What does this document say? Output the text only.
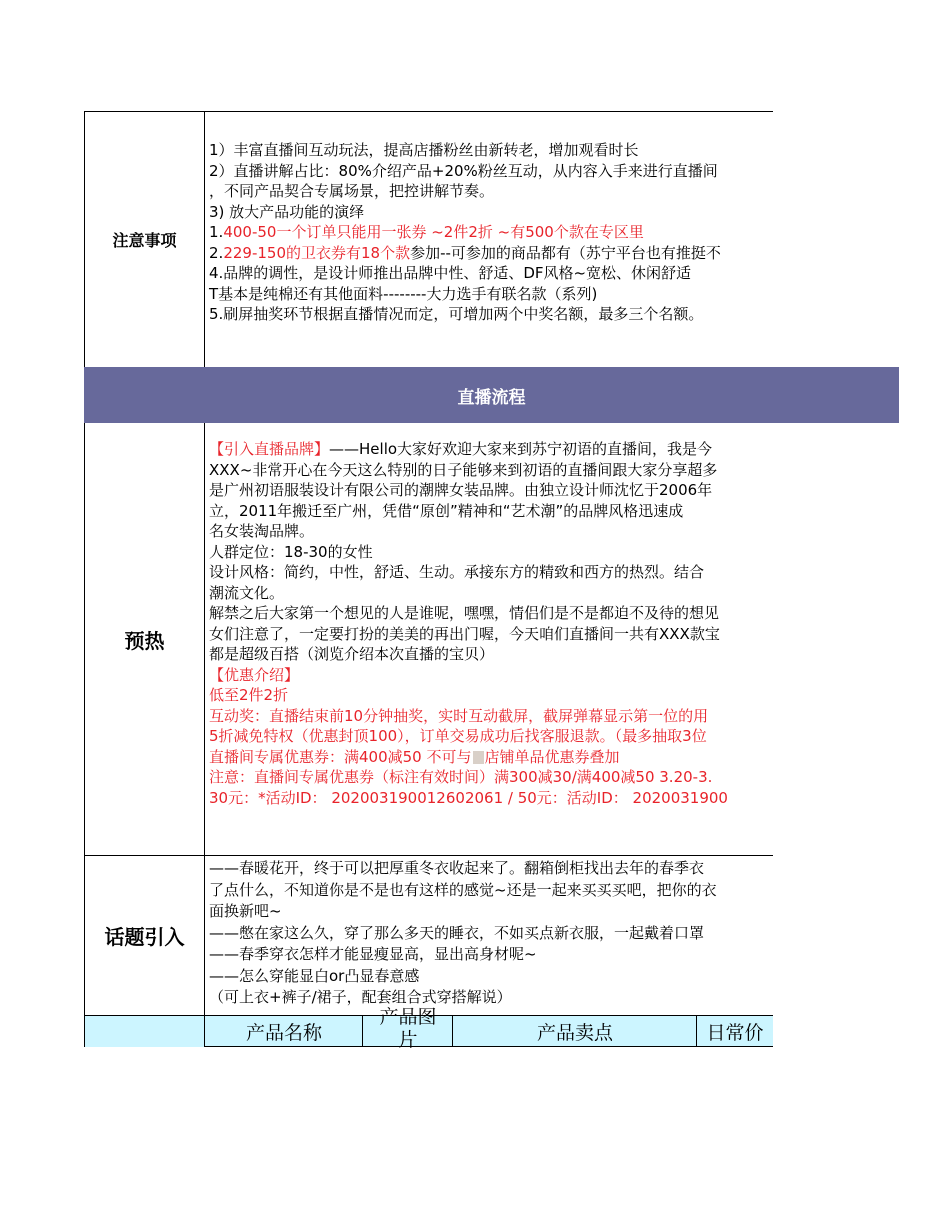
注意事项
1）丰富直播间互动玩法，提高店播粉丝由新转老，增加观看时长
2）直播讲解占比：80%介绍产品+20%粉丝互动，从内容入手来进行直播间
，不同产品契合专属场景，把控讲解节奏。
3) 放大产品功能的演绎
1.400-50一个订单只能用一张券 ~2件2折 ~有500个款在专区里
2.229-150的卫衣券有18个款参加--可参加的商品都有（苏宁平台也有推挺不
4.品牌的调性，是设计师推出品牌中性、舒适、DF风格~宽松、休闲舒适
T基本是纯棉还有其他面料--------大力选手有联名款（系列)
5.刷屏抽奖环节根据直播情况而定，可增加两个中奖名额，最多三个名额。
直播流程
预热
【引入直播品牌】——Hello大家好欢迎大家来到苏宁初语的直播间，我是今
XXX~非常开心在今天这么特别的日子能够来到初语的直播间跟大家分享超多
是广州初语服装设计有限公司的潮牌女装品牌。由独立设计师沈忆于2006年
立，2011年搬迁至广州，凭借“原创”精神和“艺术潮”的品牌风格迅速成
名女装淘品牌。
人群定位：18-30的女性
设计风格：简约，中性，舒适、生动。承接东方的精致和西方的热烈。结合
潮流文化。
解禁之后大家第一个想见的人是谁呢，嘿嘿，情侣们是不是都迫不及待的想见
女们注意了，一定要打扮的美美的再出门喔，今天咱们直播间一共有XXX款宝
都是超级百搭（浏览介绍本次直播的宝贝）
【优惠介绍】
低至2件2折
互动奖：直播结束前10分钟抽奖，实时互动截屏，截屏弹幕显示第一位的用
5折减免特权（优惠封顶100），订单交易成功后找客服退款。（最多抽取3位
直播间专属优惠券：满400减50 不可与 店铺单品优惠券叠加
注意：直播间专属优惠券（标注有效时间）满300减30/满400减50 3.20-3.
30元：*活动ID： 202003190012602061 / 50元：活动ID： 2020031900
话题引入
——春暖花开，终于可以把厚重冬衣收起来了。翻箱倒柜找出去年的春季衣
了点什么，不知道你是不是也有这样的感觉~还是一起来买买买吧，把你的衣
面换新吧~
——憋在家这么久，穿了那么多天的睡衣，不如买点新衣服，一起戴着口罩
——春季穿衣怎样才能显瘦显高，显出高身材呢~
——怎么穿能显白or凸显春意感
（可上衣+裤子/裙子，配套组合式穿搭解说）
产品名称
产品图片	产品卖点	日常价
